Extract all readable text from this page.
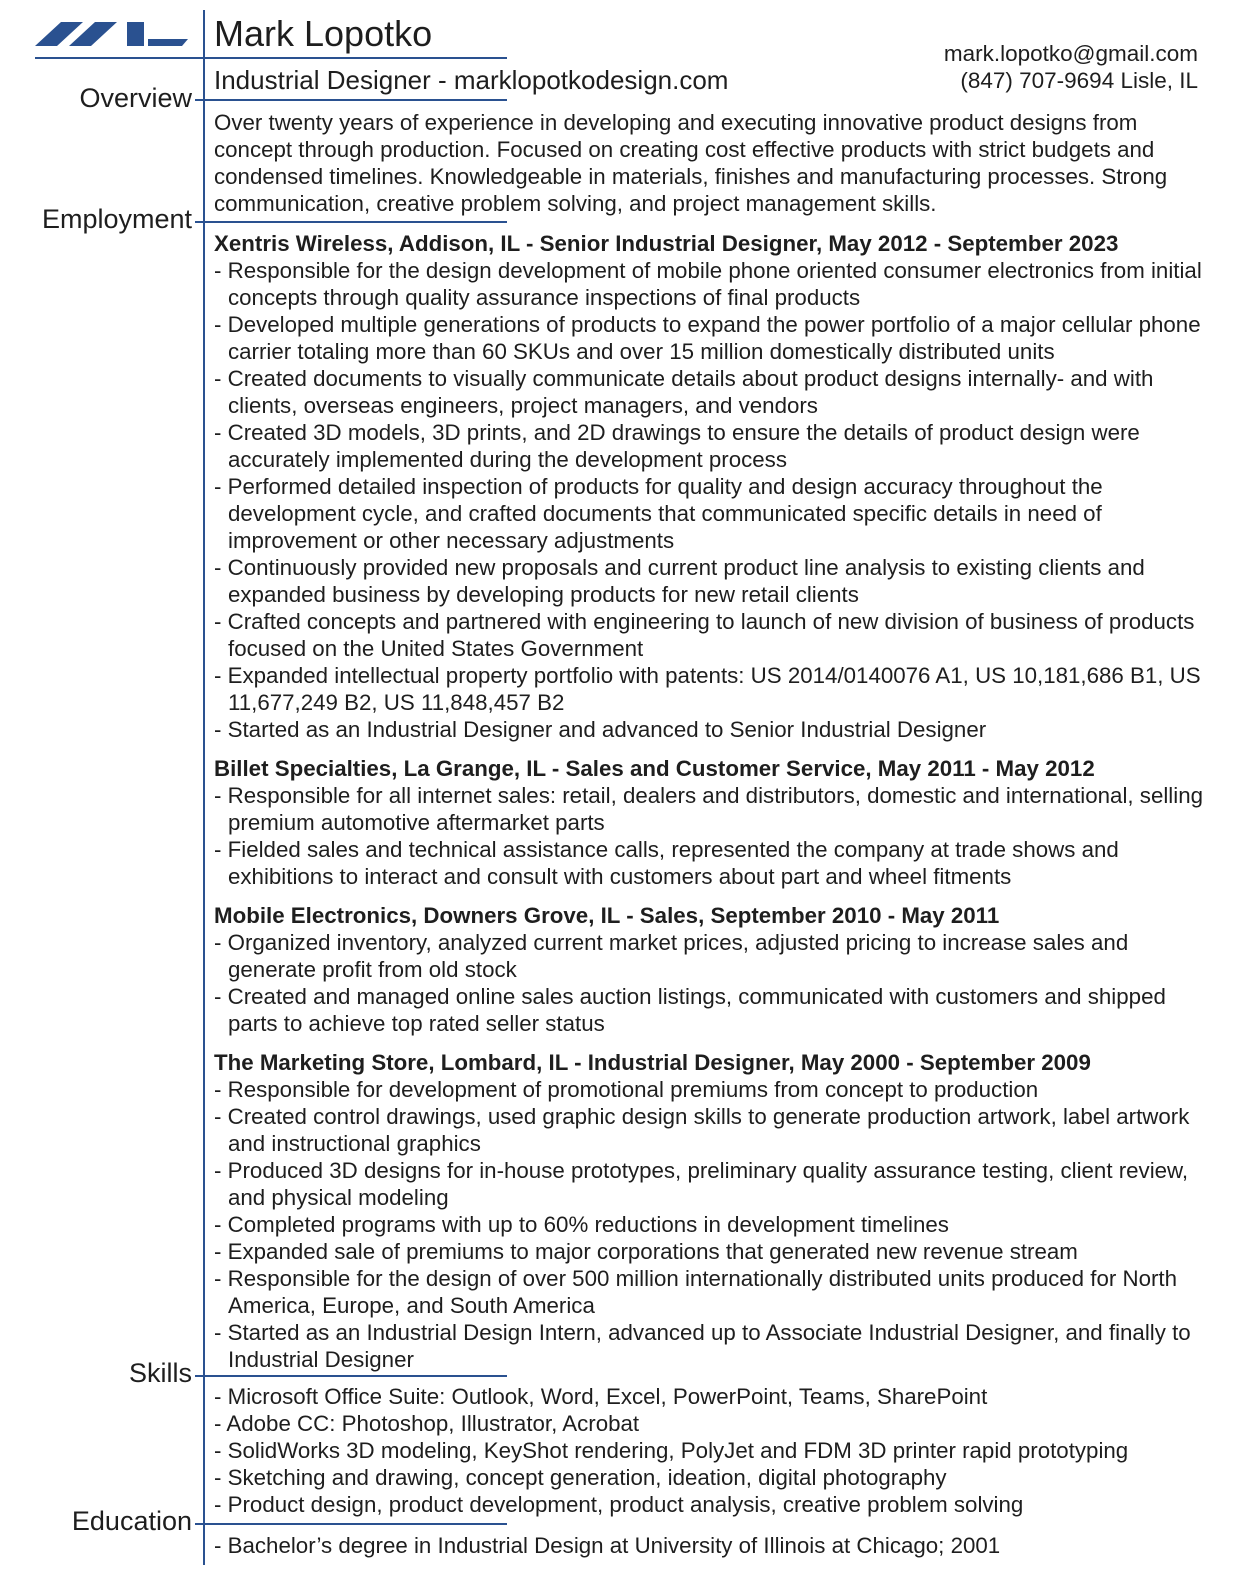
Mark Lopotko
Industrial Designer - marklopotkodesign.com
mark.lopotko@gmail.com
(847) 707-9694 Lisle, IL
Overview
Employment
Skills
Education
Over twenty years of experience in developing and executing innovative product designs from concept through production. Focused on creating cost effective products with strict budgets and condensed timelines. Knowledgeable in materials, finishes and manufacturing processes. Strong communication, creative problem solving, and project management skills.
Xentris Wireless, Addison, IL - Senior Industrial Designer, May 2012 - September 2023
- Responsible for the design development of mobile phone oriented consumer electronics from initial concepts through quality assurance inspections of final products
- Developed multiple generations of products to expand the power portfolio of a major cellular phone carrier totaling more than 60 SKUs and over 15 million domestically distributed units
- Created documents to visually communicate details about product designs internally- and with clients, overseas engineers, project managers, and vendors
- Created 3D models, 3D prints, and 2D drawings to ensure the details of product design were accurately implemented during the development process
- Performed detailed inspection of products for quality and design accuracy throughout the development cycle, and crafted documents that communicated specific details in need of improvement or other necessary adjustments
- Continuously provided new proposals and current product line analysis to existing clients and expanded business by developing products for new retail clients
- Crafted concepts and partnered with engineering to launch of new division of business of products focused on the United States Government
- Expanded intellectual property portfolio with patents: US 2014/0140076 A1, US 10,181,686 B1, US 11,677,249 B2, US 11,848,457 B2
- Started as an Industrial Designer and advanced to Senior Industrial Designer
Billet Specialties, La Grange, IL - Sales and Customer Service, May 2011 - May 2012
- Responsible for all internet sales: retail, dealers and distributors, domestic and international, selling premium automotive aftermarket parts
- Fielded sales and technical assistance calls, represented the company at trade shows and exhibitions to interact and consult with customers about part and wheel fitments
Mobile Electronics, Downers Grove, IL - Sales, September 2010 - May 2011
- Organized inventory, analyzed current market prices, adjusted pricing to increase sales and generate profit from old stock
- Created and managed online sales auction listings, communicated with customers and shipped parts to achieve top rated seller status
The Marketing Store, Lombard, IL - Industrial Designer, May 2000 - September 2009
- Responsible for development of promotional premiums from concept to production
- Created control drawings, used graphic design skills to generate production artwork, label artwork and instructional graphics
- Produced 3D designs for in-house prototypes, preliminary quality assurance testing, client review, and physical modeling
- Completed programs with up to 60% reductions in development timelines
- Expanded sale of premiums to major corporations that generated new revenue stream
- Responsible for the design of over 500 million internationally distributed units produced for North America, Europe, and South America
- Started as an Industrial Design Intern, advanced up to Associate Industrial Designer, and finally to Industrial Designer
- Microsoft Office Suite: Outlook, Word, Excel, PowerPoint, Teams, SharePoint
- Adobe CC: Photoshop, Illustrator, Acrobat
- SolidWorks 3D modeling, KeyShot rendering, PolyJet and FDM 3D printer rapid prototyping
- Sketching and drawing, concept generation, ideation, digital photography
- Product design, product development, product analysis, creative problem solving
- Bachelor’s degree in Industrial Design at University of Illinois at Chicago; 2001
